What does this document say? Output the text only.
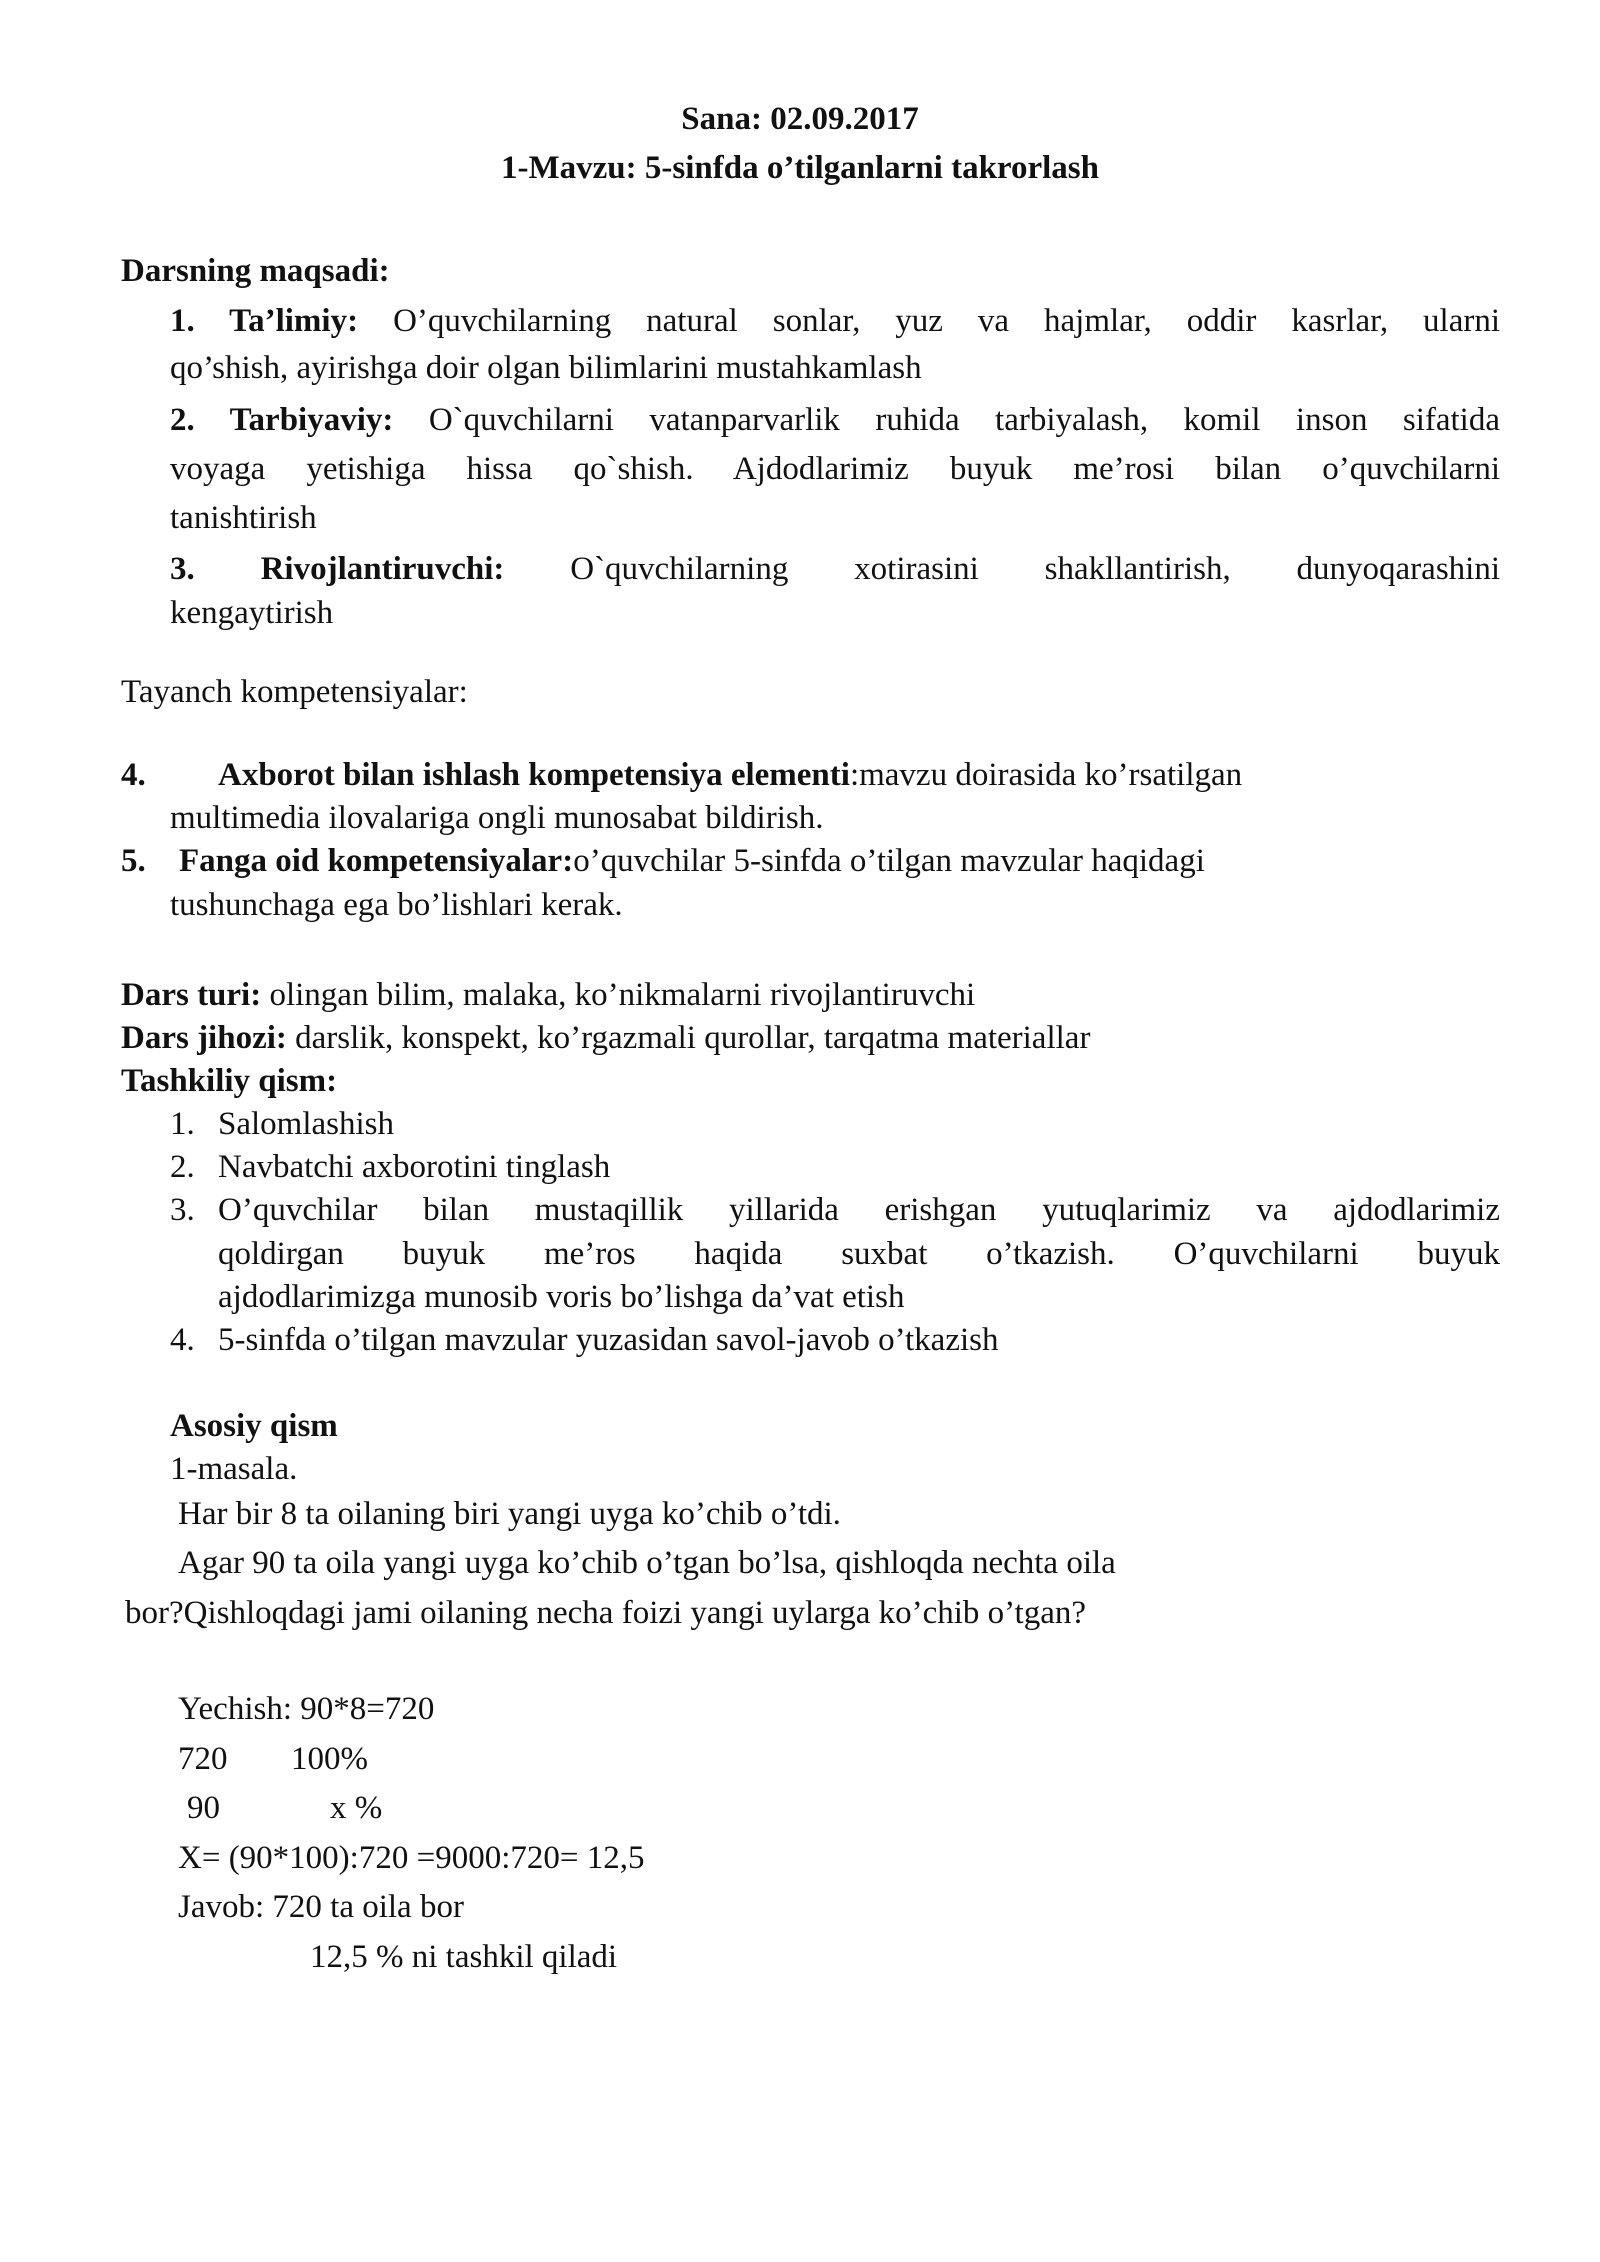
Sana: 02.09.2017
1-Mavzu: 5-sinfda o’tilganlarni takrorlash
Darsning maqsadi:
1. Ta’limiy: O’quvchilarning natural sonlar, yuz va hajmlar, oddir kasrlar, ularni
qo’shish, ayirishga doir olgan bilimlarini mustahkamlash
2. Tarbiyaviy: O`quvchilarni vatanparvarlik ruhida tarbiyalash, komil inson sifatida
voyaga yetishiga hissa qo`shish. Ajdodlarimiz buyuk me’rosi bilan o’quvchilarni
tanishtirish
3. Rivojlantiruvchi: O`quvchilarning xotirasini shakllantirish, dunyoqarashini
kengaytirish
Tayanch kompetensiyalar:
4. Axborot bilan ishlash kompetensiya elementi:mavzu doirasida ko’rsatilgan
multimedia ilovalariga ongli munosabat bildirish.
5. Fanga oid kompetensiyalar:o’quvchilar 5-sinfda o’tilgan mavzular haqidagi
tushunchaga ega bo’lishlari kerak.
Dars turi: olingan bilim, malaka, ko’nikmalarni rivojlantiruvchi
Dars jihozi: darslik, konspekt, ko’rgazmali qurollar, tarqatma materiallar
Tashkiliy qism:
1. Salomlashish
2. Navbatchi axborotini tinglash
3. O’quvchilar bilan mustaqillik yillarida erishgan yutuqlarimiz va ajdodlarimiz
qoldirgan buyuk me’ros haqida suxbat o’tkazish. O’quvchilarni buyuk
ajdodlarimizga munosib voris bo’lishga da’vat etish
4. 5-sinfda o’tilgan mavzular yuzasidan savol-javob o’tkazish
Asosiy qism
1-masala.
Har bir 8 ta oilaning biri yangi uyga ko’chib o’tdi.
Agar 90 ta oila yangi uyga ko’chib o’tgan bo’lsa, qishloqda nechta oila
bor?Qishloqdagi jami oilaning necha foizi yangi uylarga ko’chib o’tgan?
Yechish: 90*8=720
720 100%
90	x %
X= (90*100):720 =9000:720= 12,5
Javob: 720 ta oila bor
12,5 % ni tashkil qiladi
